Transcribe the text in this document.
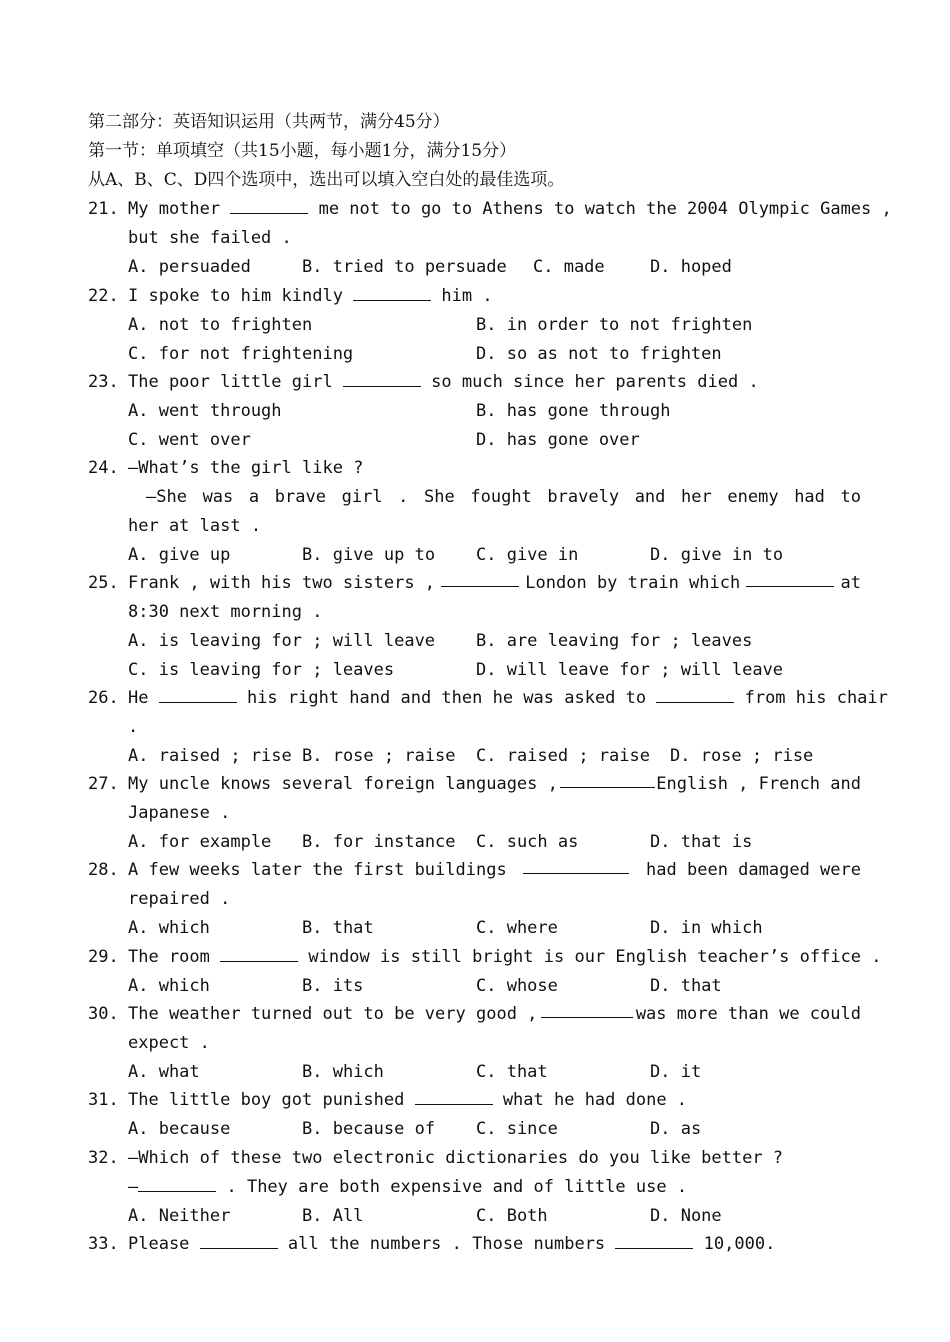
第二部分：英语知识运用（共两节，满分45分）
第一节：单项填空（共15小题，每小题1分，满分15分）
从A、B、C、D四个选项中，选出可以填入空白处的最佳选项。
21. My mother	me not to go to Athens to watch the 2004 Olympic Games ,
but she failed .
A. persuaded	B. tried to persuade C. made	D. hoped
22. I spoke to him kindly	him .
A. not to frighten	B. in order to not frighten
C. for not frightening	D. so as not to frighten
23. The poor little girl	so much since her parents died .
A. went through	B. has gone through
C. went over	D. has gone over
24. —What’s the girl like ?
—She was a brave girl . She fought bravely and her enemy had to
her at last .
A. give up	B. give up to C. give in	D. give in to
25. Frank , with his two sisters ,	London by train which	at
8:30 next morning .
A. is leaving for ; will leave B. are leaving for ; leaves
C. is leaving for ; leaves	D. will leave for ; will leave
26. He	his right hand and then he was asked to	from his chair
.
A. raised ; rise B. rose ; raise C. raised ; raise D. rose ; rise
27. My uncle knows several foreign languages ,	English , French and
Japanese .
A. for example B. for instance C. such as	D. that is
28. A few weeks later the first buildings	had been damaged were
repaired .
A. which	B. that	C. where	D. in which
29. The room	window is still bright is our English teacher’s office .
A. which	B. its	C. whose	D. that
30. The weather turned out to be very good ,	was more than we could
expect .
A. what	B. which	C. that	D. it
31. The little boy got punished	what he had done .
A. because	B. because of C. since	D. as
32. —Which of these two electronic dictionaries do you like better ?
—	. They are both expensive and of little use .
A. Neither	B. All	C. Both	D. None
33. Please	all the numbers . Those numbers	10,000.
